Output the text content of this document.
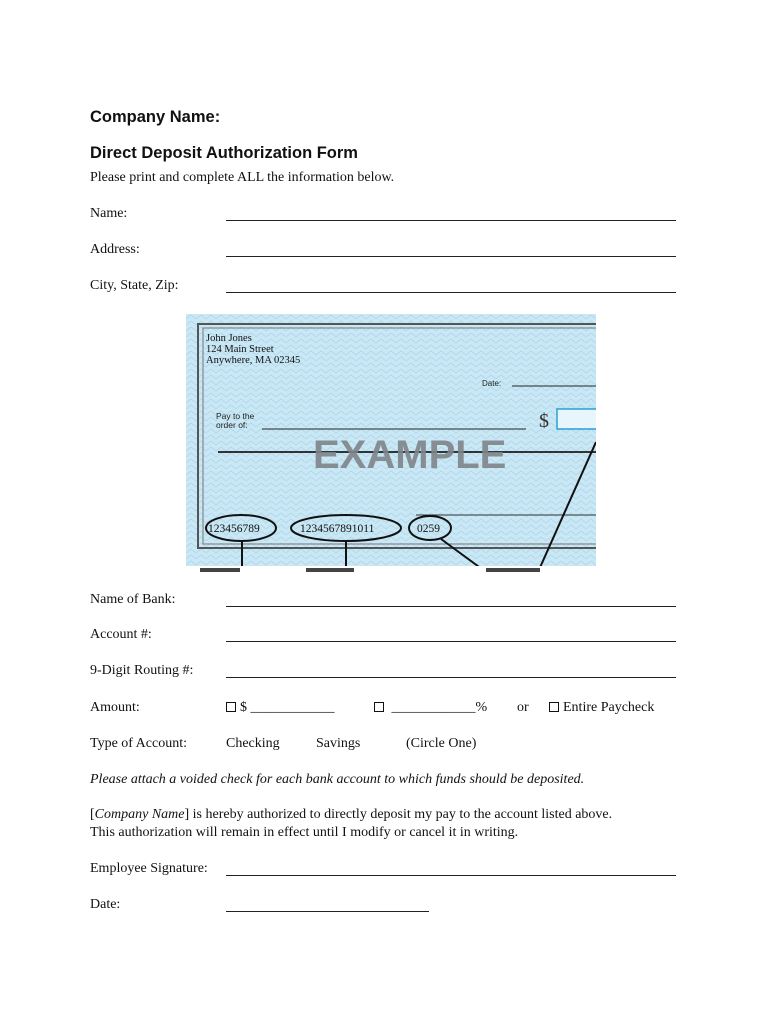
Company Name:
Direct Deposit Authorization Form
Please print and complete ALL the information below.
Name:
Address:
City, State, Zip:
John Jones
124 Main Street
Anywhere, MA 02345
Date:
Pay to the
order of:	$
EXAMPLE
123456789	1234567891011	0259
Name of Bank:
Account #:
9-Digit Routing #:
Amount:	$ ____________	____________% or	Entire Paycheck
Type of Account:	Checking	Savings	(Circle One)
Please attach a voided check for each bank account to which funds should be deposited.
[Company Name] is hereby authorized to directly deposit my pay to the account listed above.
This authorization will remain in effect until I modify or cancel it in writing.
Employee Signature:
Date:
